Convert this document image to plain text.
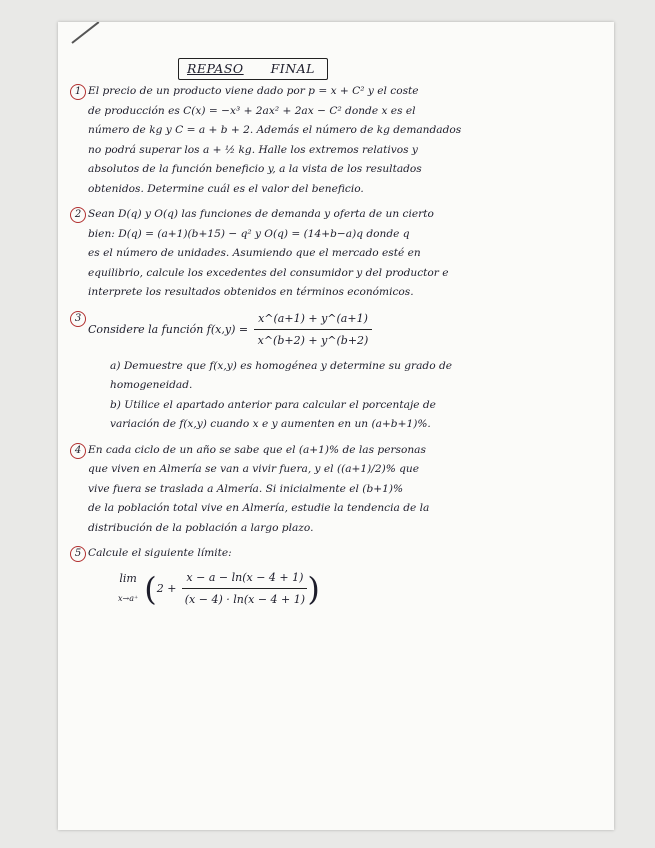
REPASO FINAL
1 El precio de un producto viene dado por p = x + C² y el coste
de producción es C(x) = −x³ + 2ax² + 2ax − C² donde x es el
número de kg y C = a + b + 2. Además el número de kg demandados
no podrá superar los a + ½ kg. Halle los extremos relativos y
absolutos de la función beneficio y, a la vista de los resultados
obtenidos. Determine cuál es el valor del beneficio.
2 Sean D(q) y O(q) las funciones de demanda y oferta de un cierto
bien: D(q) = (a+1)(b+15) − q² y O(q) = (14+b−a)q donde q
es el número de unidades. Asumiendo que el mercado esté en
equilibrio, calcule los excedentes del consumidor y del productor e
interprete los resultados obtenidos en términos económicos.
3
Considere la función $f(x,y) = \frac{x\^{}(a+1) + y\^{}(a+1)}{x\^{}(b+2) + y\^{}(b+2)}$
a) Demuestre que f(x,y) es homogénea y determine su grado de
homogeneidad.
b) Utilice el apartado anterior para calcular el porcentaje de
variación de f(x,y) cuando x e y aumenten en un (a+b+1)%.
4 En cada ciclo de un año se sabe que el (a+1)% de las personas
que viven en Almería se van a vivir fuera, y el ((a+1)/2)% que
vive fuera se traslada a Almería. Si inicialmente el (b+1)%
de la población total vive en Almería, estudie la tendencia de la
distribución de la población a largo plazo.
5 Calcule el siguiente límite:
lim
x→a⁺ ( $2 + \frac{x - a - \ln(x - 4 + 1)}{(x - 4) \cdot \ln(x - 4 + 1)}$ )
